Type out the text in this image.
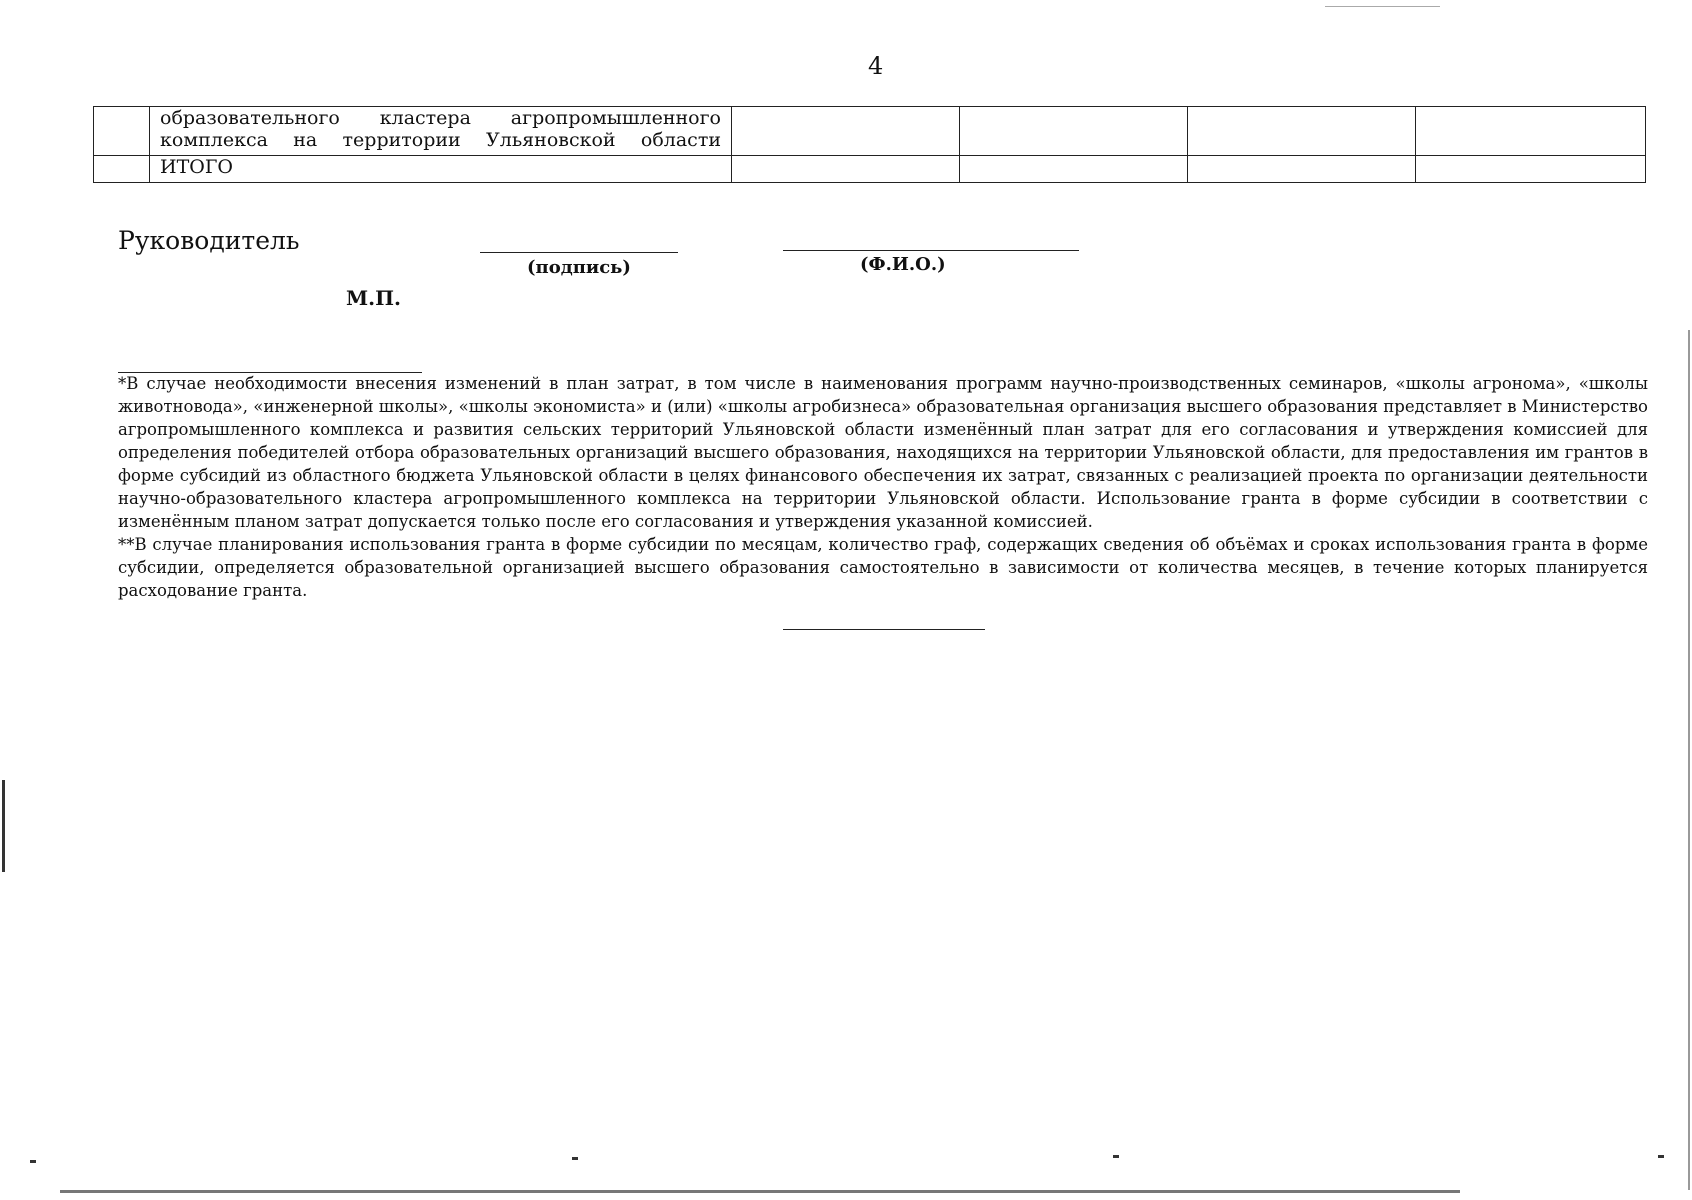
4
	образовательного кластера агропромышленного комплекса на территории Ульяновской области				
	ИТОГО				
Руководитель
(подпись)	(Ф.И.О.)
М.П.

*В случае необходимости внесения изменений в план затрат, в том числе в наименования программ научно-производственных семинаров, «школы агронома», «школы животновода», «инженерной школы», «школы экономиста» и (или) «школы агробизнеса» образовательная организация высшего образования представляет в Министерство агропромышленного комплекса и развития сельских территорий Ульяновской области изменённый план затрат для его согласования и утверждения комиссией для определения победителей отбора образовательных организаций высшего образования, находящихся на территории Ульяновской области, для предоставления им грантов в форме субсидий из областного бюджета Ульяновской области в целях финансового обеспечения их затрат, связанных с реализацией проекта по организации деятельности научно-образовательного кластера агропромышленного комплекса на территории Ульяновской области. Использование гранта в форме субсидии в соответствии с изменённым планом затрат допускается только после его согласования и утверждения указанной комиссией.

**В случае планирования использования гранта в форме субсидии по месяцам, количество граф, содержащих сведения об объёмах и сроках использования гранта в форме субсидии, определяется образовательной организацией высшего образования самостоятельно в зависимости от количества месяцев, в течение которых планируется расходование гранта.
